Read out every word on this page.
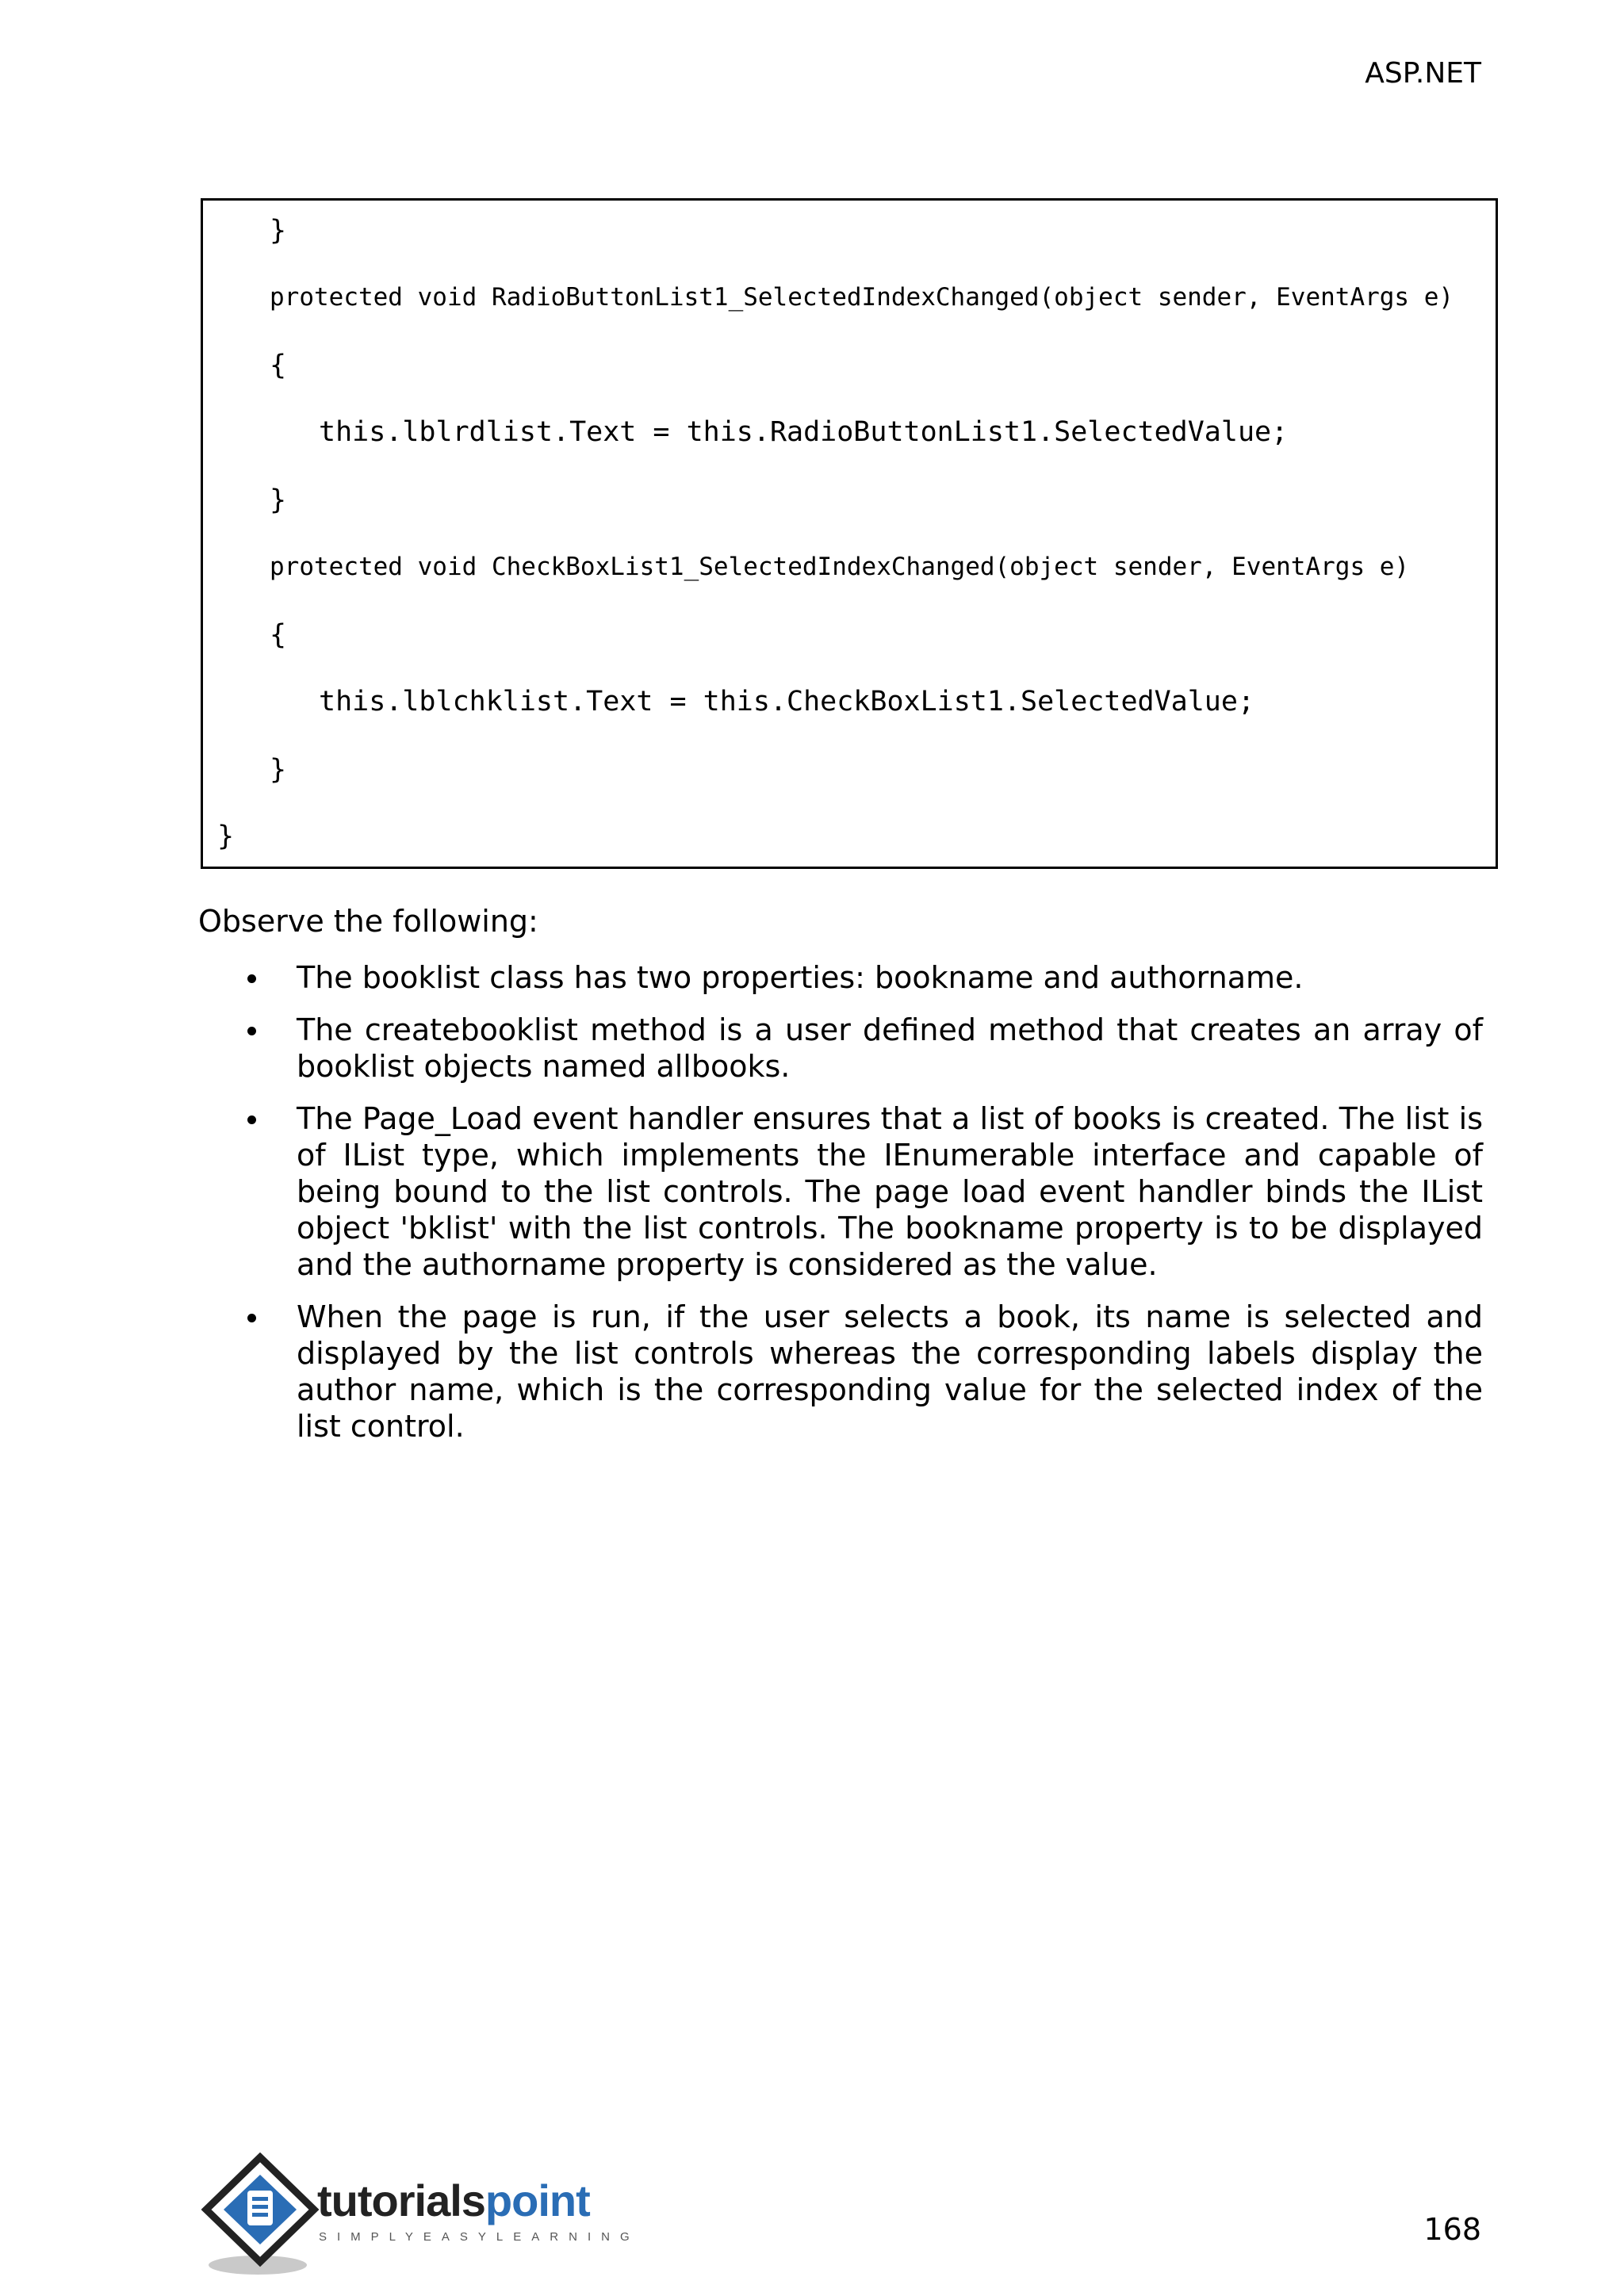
ASP.NET
}
protected void RadioButtonList1_SelectedIndexChanged(object sender, EventArgs e)
{
this.lblrdlist.Text = this.RadioButtonList1.SelectedValue;
}
protected void CheckBoxList1_SelectedIndexChanged(object sender, EventArgs e)
{
this.lblchklist.Text = this.CheckBoxList1.SelectedValue;
}
}
Observe the following:
The booklist class has two properties: bookname and authorname.
The createbooklist method is a user defined method that creates an array of booklist objects named allbooks.
The Page_Load event handler ensures that a list of books is created. The list is of IList type, which implements the IEnumerable interface and capable of being bound to the list controls. The page load event handler binds the IList object 'bklist' with the list controls. The bookname property is to be displayed and the authorname property is considered as the value.
When the page is run, if the user selects a book, its name is selected and displayed by the list controls whereas the corresponding labels display the author name, which is the corresponding value for the selected index of the list control.
tutorialspoint
SIMPLYEASYLEARNING	168
